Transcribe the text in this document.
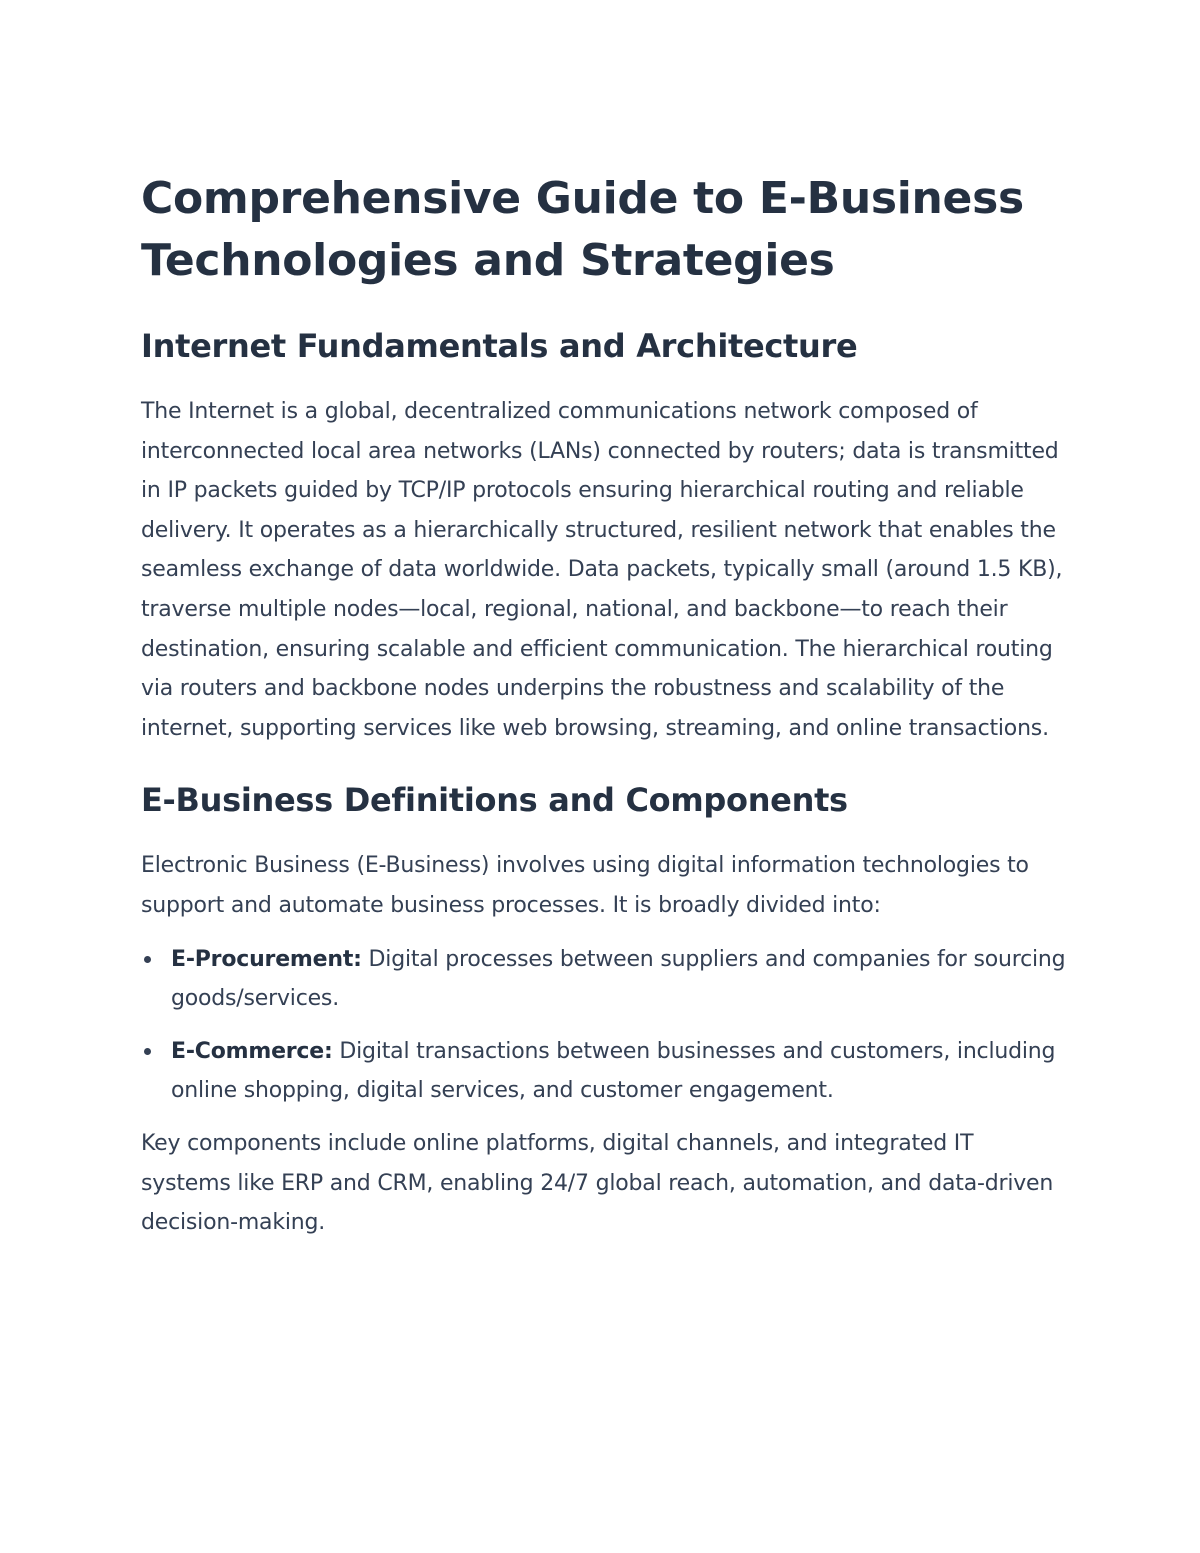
Comprehensive Guide to E-Business Technologies and Strategies
Internet Fundamentals and Architecture

The Internet is a global, decentralized communications network composed of interconnected local area networks (LANs) connected by routers; data is transmitted in IP packets guided by TCP/IP protocols ensuring hierarchical routing and reliable delivery. It operates as a hierarchically structured, resilient network that enables the seamless exchange of data worldwide. Data packets, typically small (around 1.5 KB), traverse multiple nodes—local, regional, national, and backbone—to reach their destination, ensuring scalable and efficient communication. The hierarchical routing via routers and backbone nodes underpins the robustness and scalability of the internet, supporting services like web browsing, streaming, and online transactions.

E-Business Definitions and Components

Electronic Business (E-Business) involves using digital information technologies to support and automate business processes. It is broadly divided into:

E-Procurement: Digital processes between suppliers and companies for sourcing goods/services.
E-Commerce: Digital transactions between businesses and customers, including online shopping, digital services, and customer engagement.

Key components include online platforms, digital channels, and integrated IT systems like ERP and CRM, enabling 24/7 global reach, automation, and data-driven decision-making.
